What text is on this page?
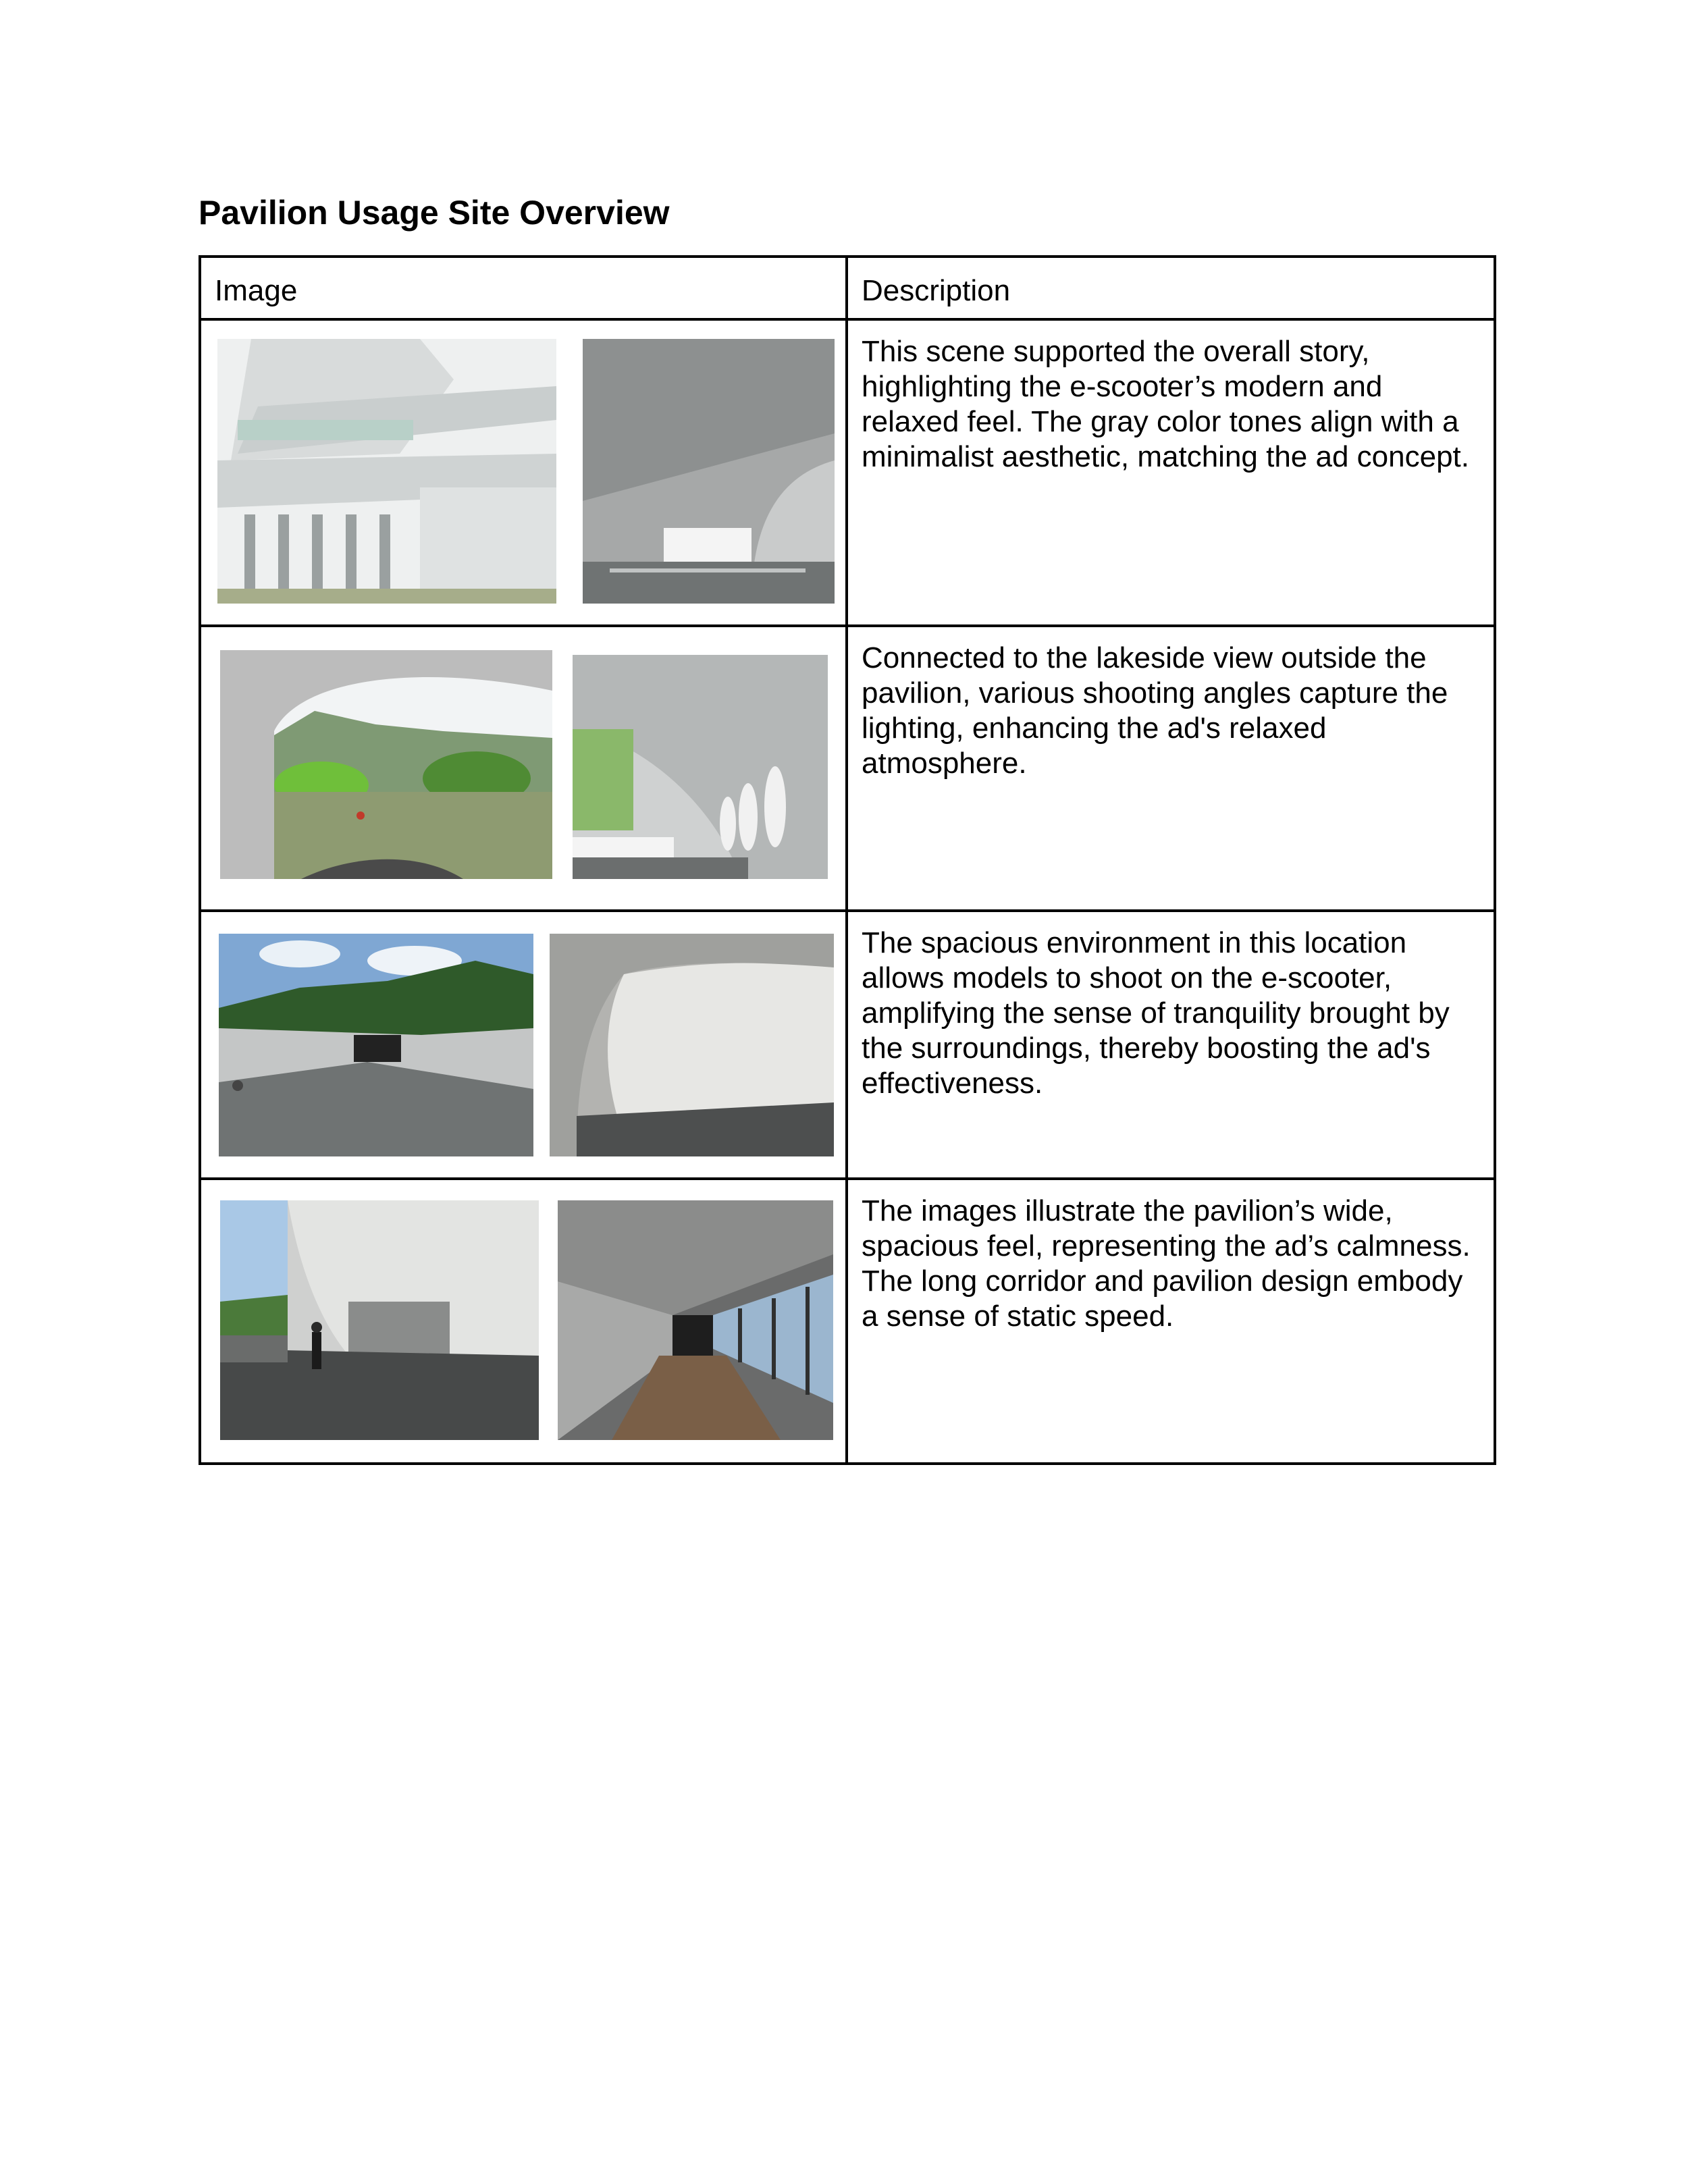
Pavilion Usage Site Overview
Image	Description

	This scene supported the overall story, highlighting the e-scooter’s modern and relaxed feel. The gray color tones align with a minimalist aesthetic, matching the ad concept.

	Connected to the lakeside view outside the pavilion, various shooting angles capture the lighting, enhancing the ad's relaxed atmosphere.

	The spacious environment in this location allows models to shoot on the e-scooter, amplifying the sense of tranquility brought by the surroundings, thereby boosting the ad's effectiveness.

	The images illustrate the pavilion’s wide, spacious feel, representing the ad’s calmness. The long corridor and pavilion design embody a sense of static speed.
